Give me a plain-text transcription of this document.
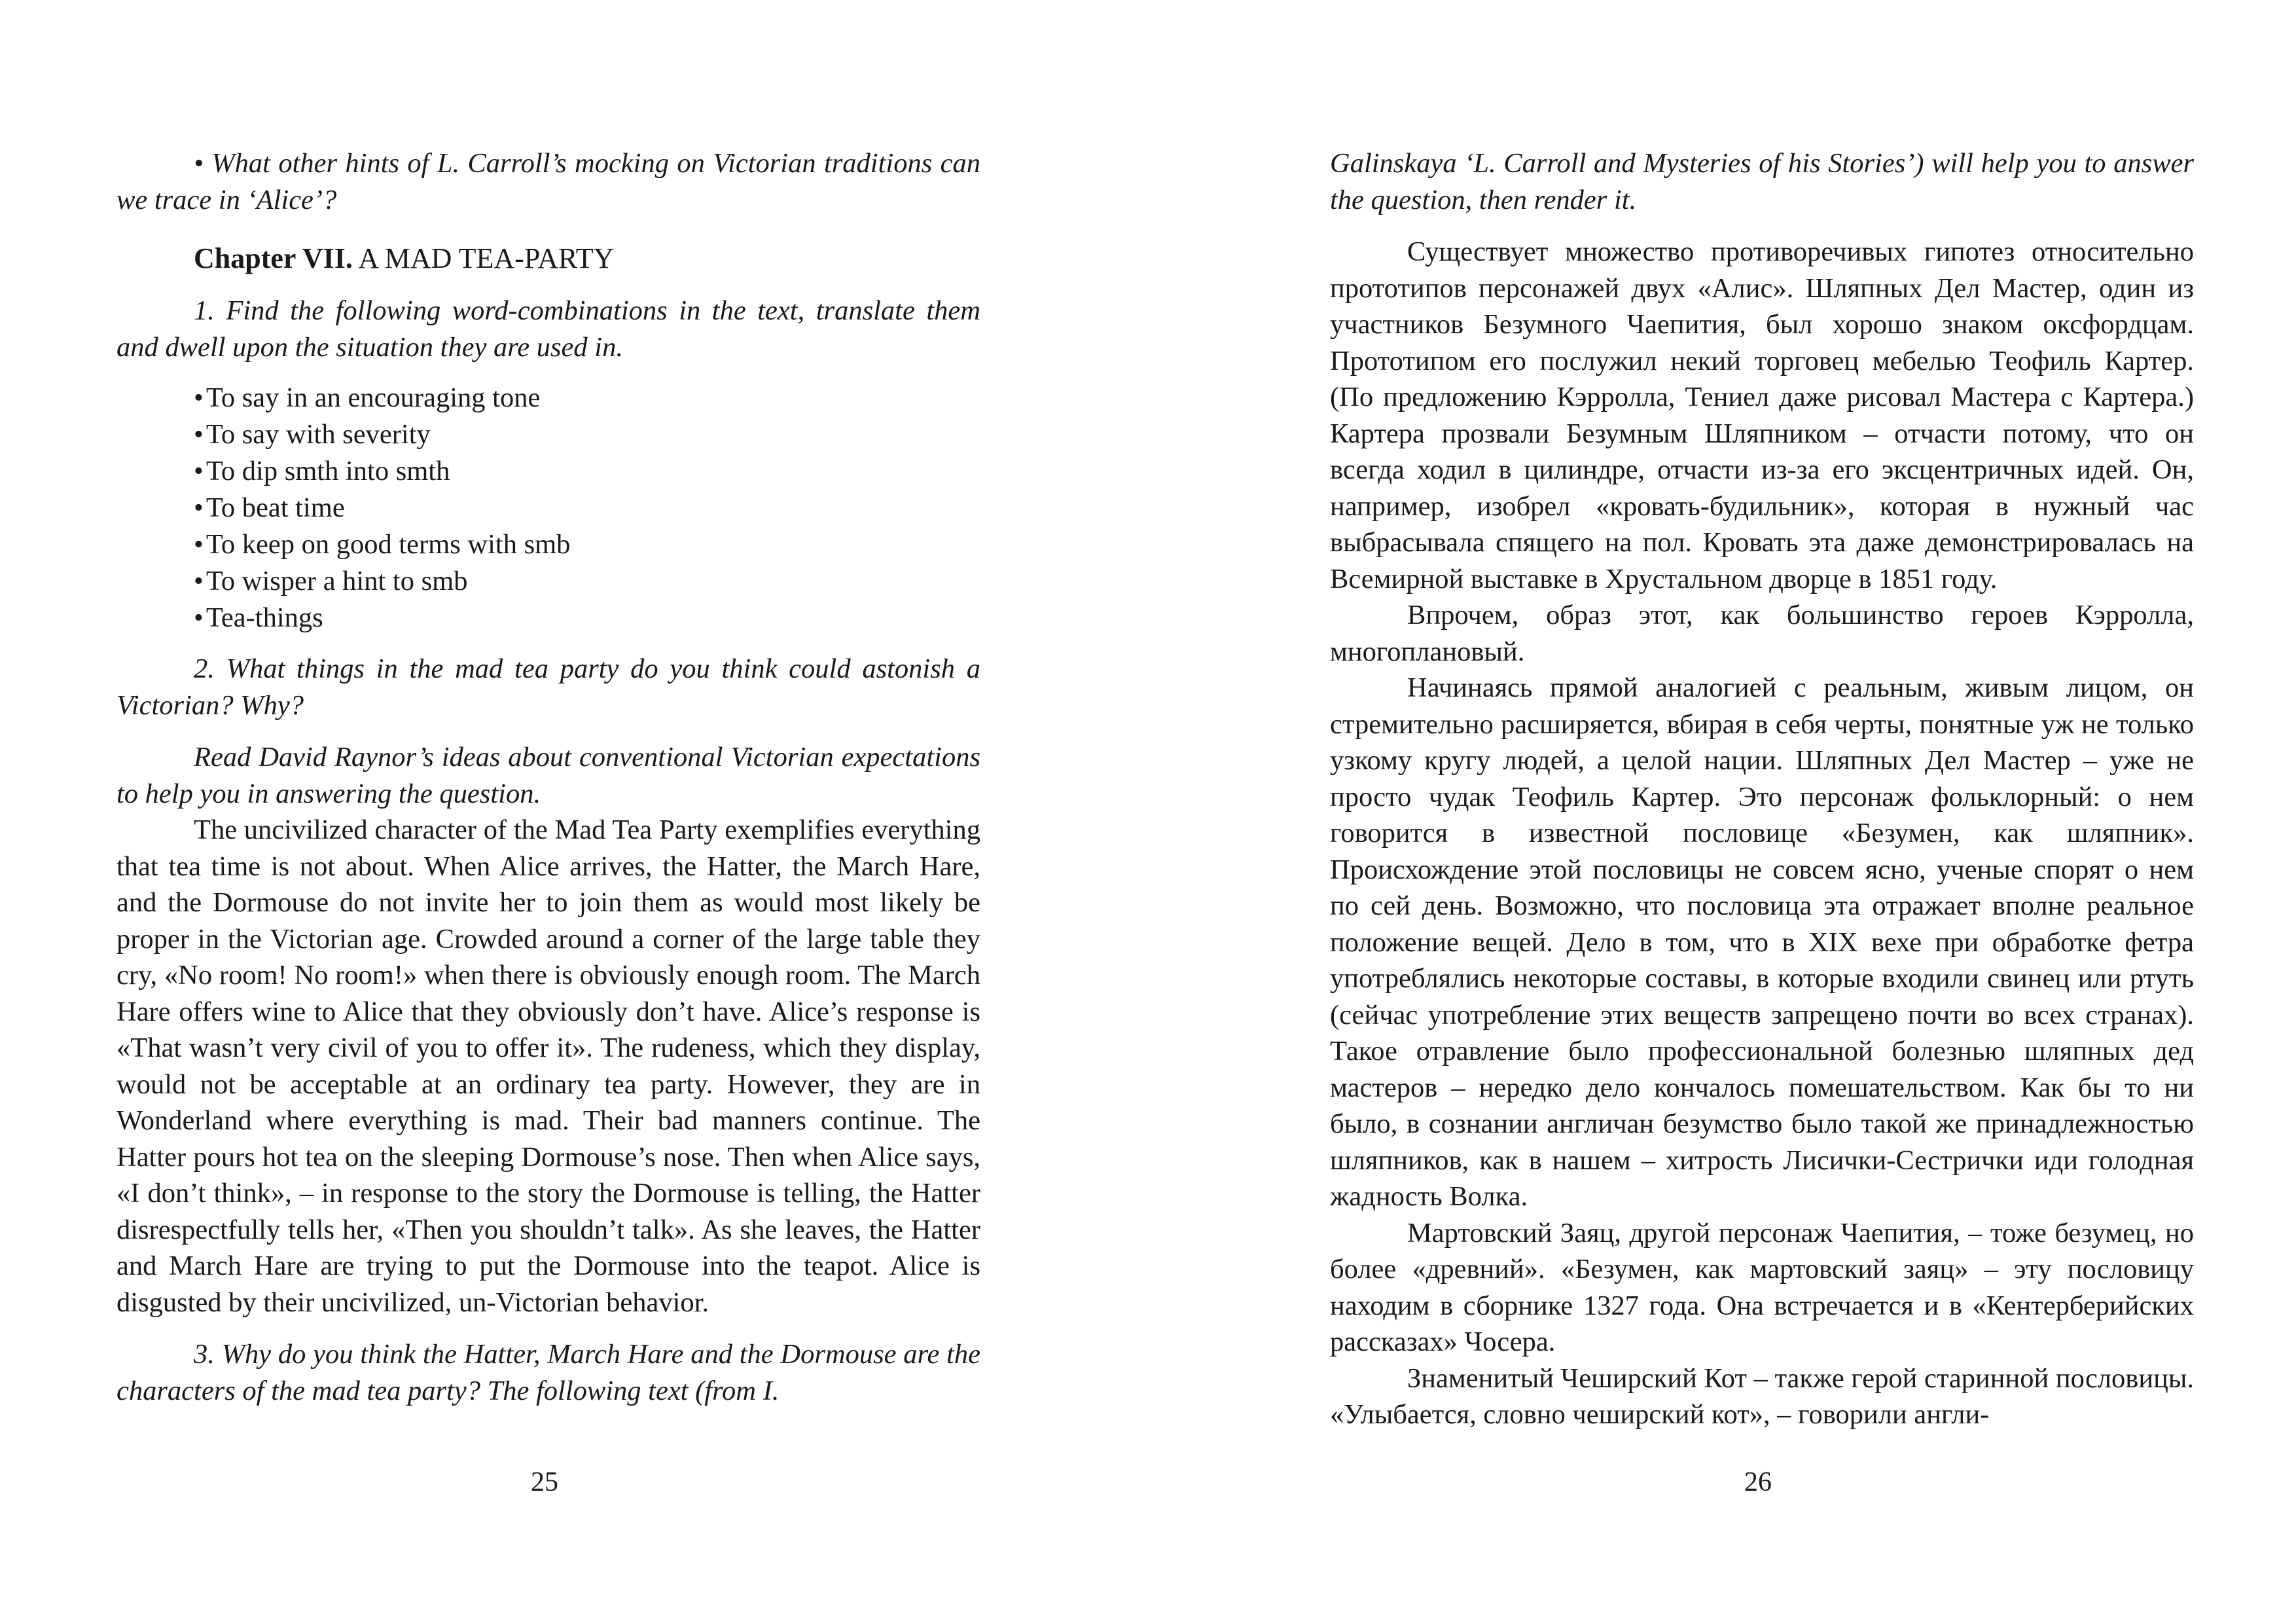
• What other hints of L. Carroll’s mocking on Victorian traditions can we trace in ‘Alice’?

Chapter VII. A MAD TEA-PARTY

1. Find the following word-combinations in the text, translate them and dwell upon the situation they are used in.

• To say in an encouraging tone
• To say with severity
• To dip smth into smth
• To beat time
• To keep on good terms with smb
• To wisper a hint to smb
• Tea-things

2. What things in the mad tea party do you think could astonish a Victorian? Why?

Read David Raynor’s ideas about conventional Victorian expectations to help you in answering the question.

The uncivilized character of the Mad Tea Party exemplifies everything that tea time is not about. When Alice arrives, the Hatter, the March Hare, and the Dormouse do not invite her to join them as would most likely be proper in the Victorian age. Crowded around a corner of the large table they cry, «No room! No room!» when there is obviously enough room. The March Hare offers wine to Alice that they obviously don’t have. Alice’s response is «That wasn’t very civil of you to offer it». The rudeness, which they display, would not be acceptable at an ordinary tea party. However, they are in Wonderland where everything is mad. Their bad manners continue. The Hatter pours hot tea on the sleeping Dormouse’s nose. Then when Alice says, «I don’t think», – in response to the story the Dormouse is telling, the Hatter disrespectfully tells her, «Then you shouldn’t talk». As she leaves, the Hatter and March Hare are trying to put the Dormouse into the teapot. Alice is disgusted by their uncivilized, un-Victorian behavior.

3. Why do you think the Hatter, March Hare and the Dormouse are the characters of the mad tea party? The following text (from I.

25

Galinskaya ‘L. Carroll and Mysteries of his Stories’) will help you to answer the question, then render it.

Существует множество противоречивых гипотез относительно прототипов персонажей двух «Алис». Шляпных Дел Мастер, один из участников Безумного Чаепития, был хорошо знаком оксфордцам. Прототипом его послужил некий торговец мебелью Теофиль Картер. (По предложению Кэрролла, Тениел даже рисовал Мастера с Картера.) Картера прозвали Безумным Шляпником – отчасти потому, что он всегда ходил в цилиндре, отчасти из-за его эксцентричных идей. Он, например, изобрел «кровать-будильник», которая в нужный час выбрасывала спящего на пол. Кровать эта даже демонстрировалась на Всемирной выставке в Хрустальном дворце в 1851 году.

Впрочем, образ этот, как большинство героев Кэрролла, многоплановый.

Начинаясь прямой аналогией с реальным, живым лицом, он стремительно расширяется, вбирая в себя черты, понятные уж не только узкому кругу людей, а целой нации. Шляпных Дел Мастер – уже не просто чудак Теофиль Картер. Это персонаж фольклорный: о нем говорится в известной пословице «Безумен, как шляпник». Происхождение этой пословицы не совсем ясно, ученые спорят о нем по сей день. Возможно, что пословица эта отражает вполне реальное положение вещей. Дело в том, что в XIX вехе при обработке фетра употреблялись некоторые составы, в которые входили свинец или ртуть (сейчас употребление этих веществ запрещено почти во всех странах). Такое отравление было профессиональной болезнью шляпных дед мастеров – нередко дело кончалось помешательством. Как бы то ни было, в сознании англичан безумство было такой же принадлежностью шляпников, как в нашем – хитрость Лисички-Сестрички иди голодная жадность Волка.

Мартовский Заяц, другой персонаж Чаепития, – тоже безумец, но более «древний». «Безумен, как мартовский заяц» – эту пословицу находим в сборнике 1327 года. Она встречается и в «Кентерберийских рассказах» Чосера.

Знаменитый Чеширский Кот – также герой старинной пословицы. «Улыбается, словно чеширский кот», – говорили англи-

26
